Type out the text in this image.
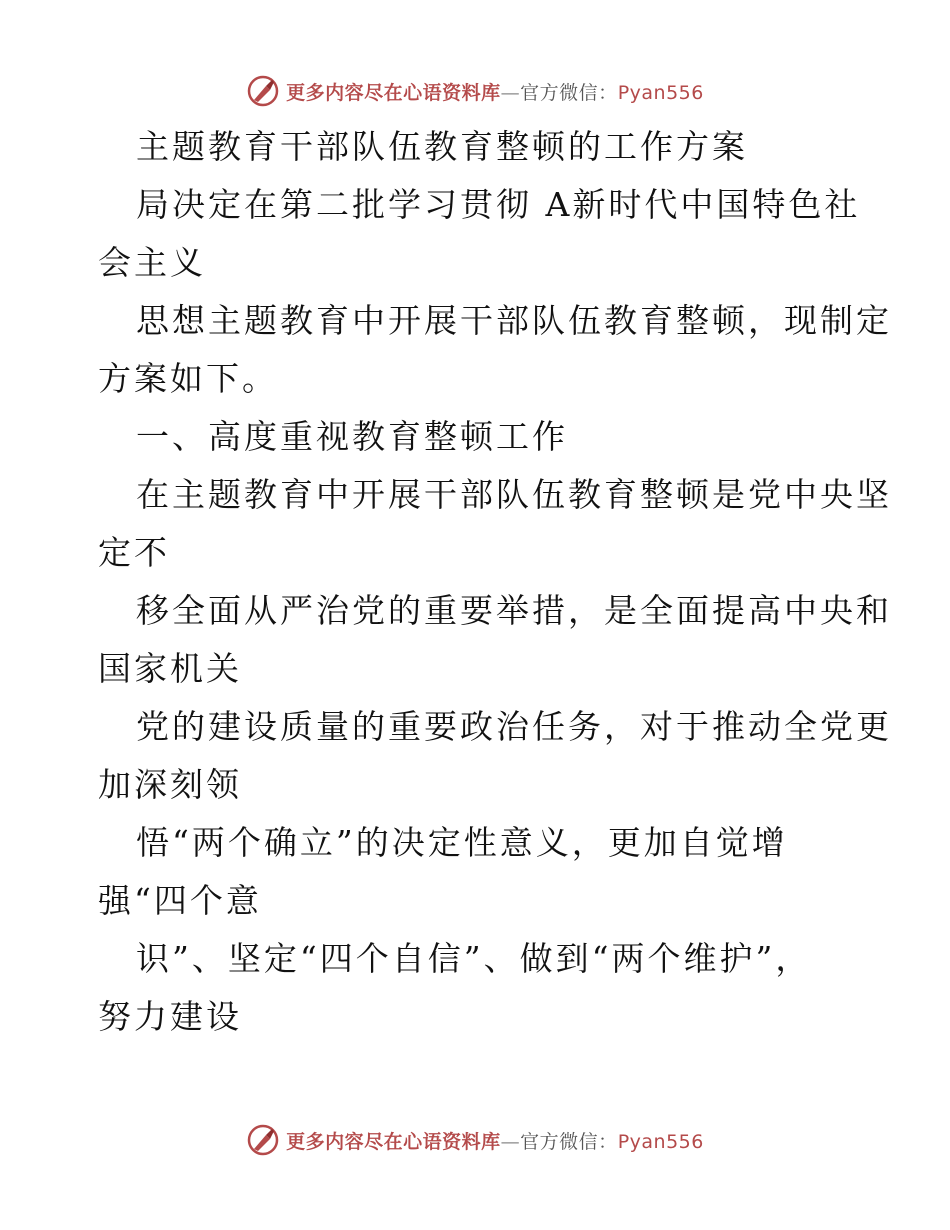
更多内容尽在心语资料库—官方微信：Pyan556
主题教育干部队伍教育整顿的工作方案
局决定在第二批学习贯彻 A新时代中国特色社
会主义
思想主题教育中开展干部队伍教育整顿，现制定
方案如下。
一、高度重视教育整顿工作
在主题教育中开展干部队伍教育整顿是党中央坚
定不
移全面从严治党的重要举措，是全面提高中央和
国家机关
党的建设质量的重要政治任务，对于推动全党更
加深刻领
悟“两个确立”的决定性意义，更加自觉增
强“四个意
识”、坚定“四个自信”、做到“两个维护”，
努力建设
更多内容尽在心语资料库—官方微信：Pyan556
